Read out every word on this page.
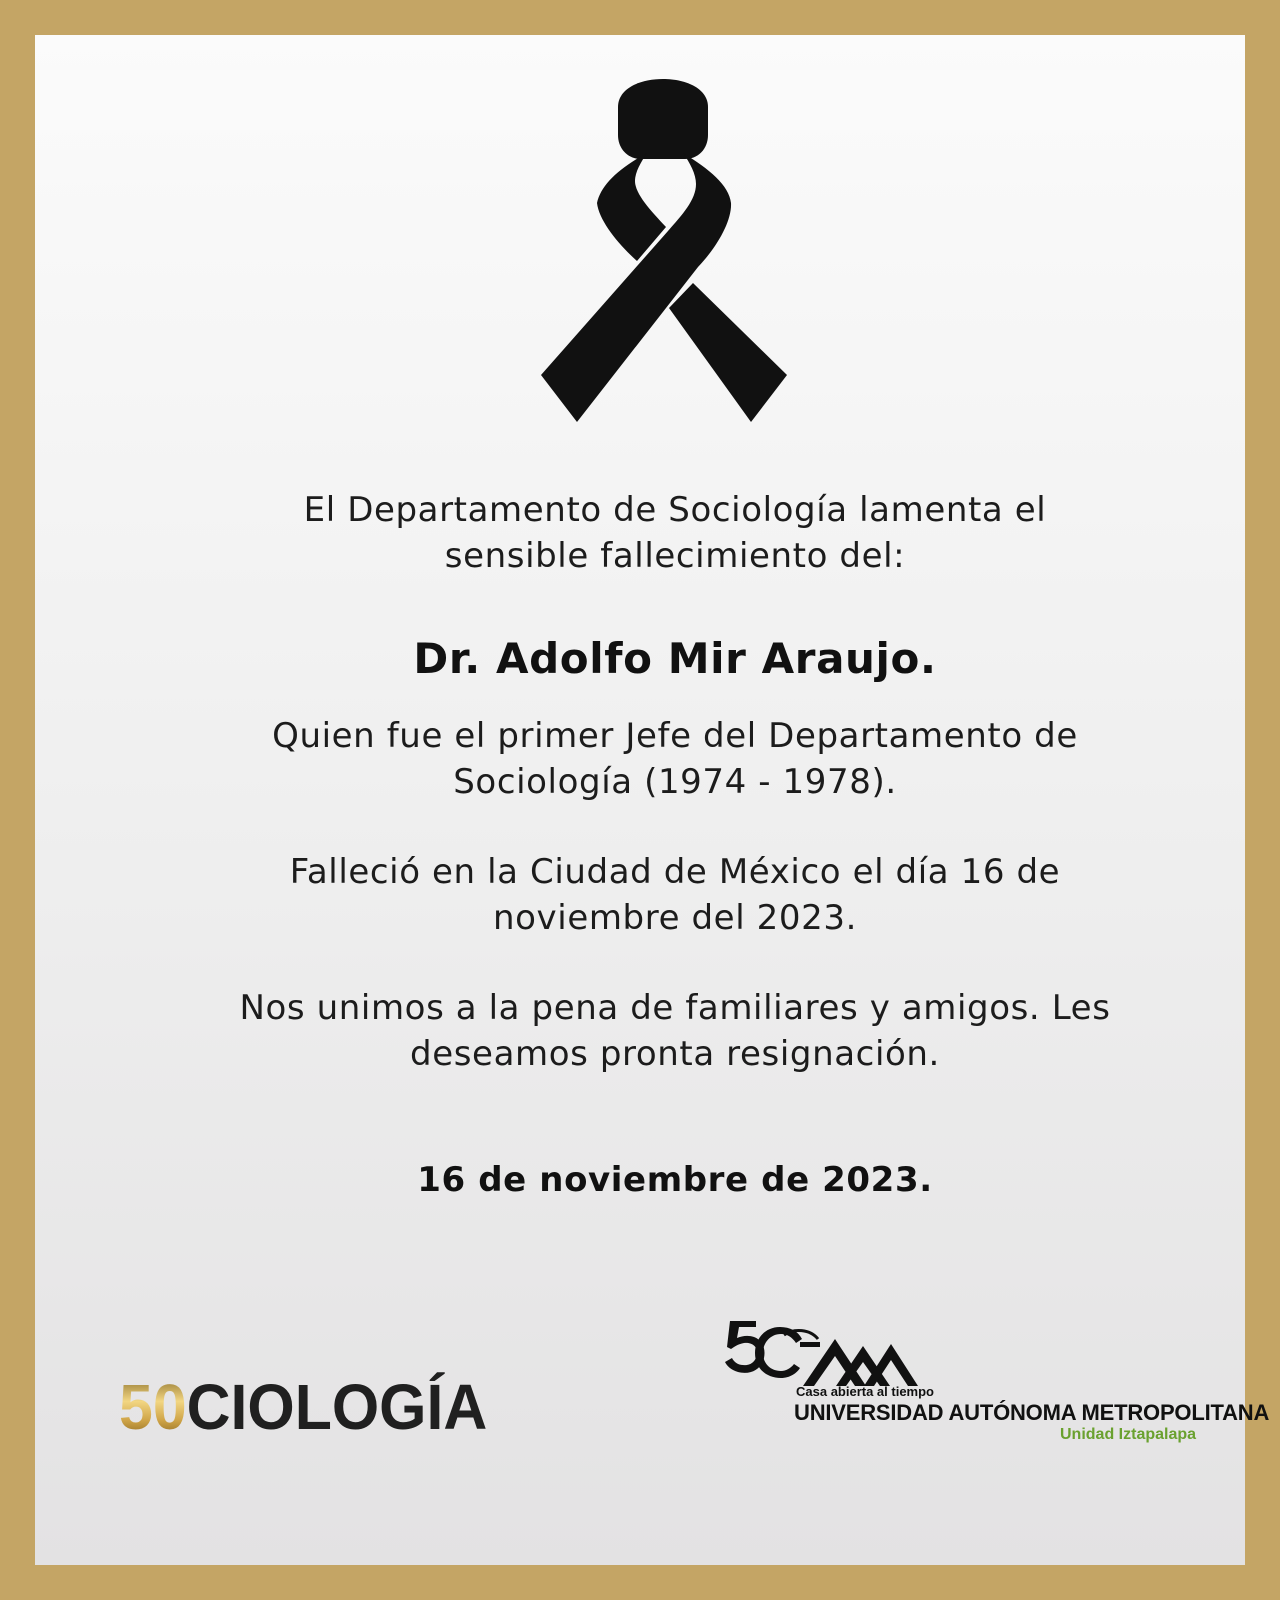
El Departamento de Sociología lamenta el
sensible fallecimiento del:
Dr. Adolfo Mir Araujo.
Quien fue el primer Jefe del Departamento de
Sociología (1974 - 1978).
Falleció en la Ciudad de México el día 16 de
noviembre del 2023.
Nos unimos a la pena de familiares y amigos. Les
deseamos pronta resignación.
16 de noviembre de 2023.
50CIOLOGÍA	Casa abierta al tiempo
UNIVERSIDAD AUTÓNOMA METROPOLITANA
Unidad Iztapalapa
